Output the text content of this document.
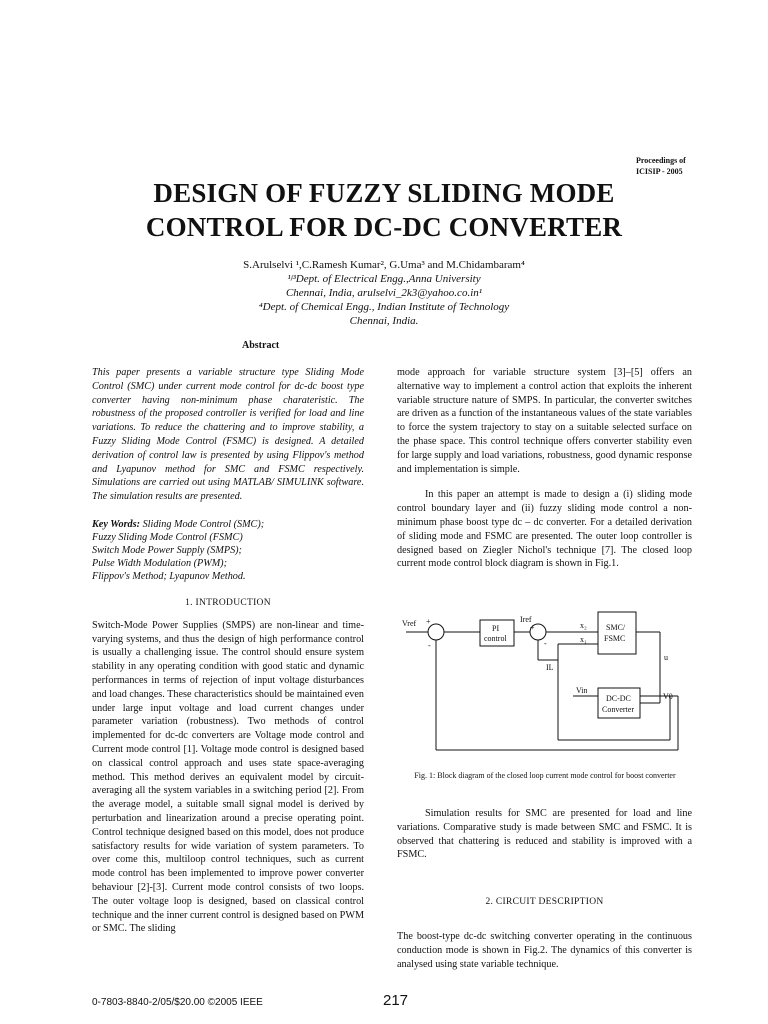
Proceedings of
ICISIP - 2005
DESIGN OF FUZZY SLIDING MODE
CONTROL FOR DC-DC CONVERTER
S.Arulselvi ¹,C.Ramesh Kumar², G.Uma³ and M.Chidambaram⁴
¹ʲ³Dept. of Electrical Engg.,Anna University
Chennai, India, arulselvi_2k3@yahoo.co.in¹
⁴Dept. of Chemical Engg., Indian Institute of Technology
Chennai, India.
Abstract

This paper presents a variable structure type Sliding Mode Control (SMC) under current mode control for dc-dc boost type converter having non-minimum phase charateristic. The robustness of the proposed controller is verified for load and line variations. To reduce the chattering and to improve stability, a Fuzzy Sliding Mode Control (FSMC) is designed. A detailed derivation of control law is presented by using Flippov's method and Lyapunov method for SMC and FSMC respectively. Simulations are carried out using MATLAB/ SIMULINK software. The simulation results are presented.

Key Words: Sliding Mode Control (SMC);
Fuzzy Sliding Mode Control (FSMC)
Switch Mode Power Supply (SMPS);
Pulse Width Modulation (PWM);
Flippov's Method; Lyapunov Method.
1. INTRODUCTION

Switch-Mode Power Supplies (SMPS) are non-linear and time-varying systems, and thus the design of high performance control is usually a challenging issue. The control should ensure system stability in any operating condition with good static and dynamic performances in terms of rejection of input voltage disturbances and load changes. These characteristics should be maintained even under large input voltage and load current changes under parameter variation (robustness). Two methods of control implemented for dc-dc converters are Voltage mode control and Current mode control [1]. Voltage mode control is designed based on classical control approach and uses state space-averaging method. This method derives an equivalent model by circuit-averaging all the system variables in a switching period [2]. From the average model, a suitable small signal model is derived by perturbation and linearization around a precise operating point. Control technique designed based on this model, does not produce satisfactory results for wide variation of system parameters. To over come this, multiloop control techniques, such as current mode control has been implemented to improve power converter behaviour [2]-[3]. Current mode control consists of two loops. The outer voltage loop is designed, based on classical control technique and the inner current control is designed based on PWM or SMC. The sliding

mode approach for variable structure system [3]–[5] offers an alternative way to implement a control action that exploits the inherent variable structure nature of SMPS. In particular, the converter switches are driven as a function of the instantaneous values of the state variables to force the system trajectory to stay on a suitable selected surface on the phase space. This control technique offers converter stability even for large supply and load variations, robustness, good dynamic response and implementation is simple.

In this paper an attempt is made to design a (i) sliding mode control boundary layer and (ii) fuzzy sliding mode control a non-minimum phase boost type dc – dc converter. For a detailed derivation of sliding mode and FSMC are presented. The outer loop controller is designed based on Ziegler Nichol's technique [7]. The closed loop current mode control block diagram is shown in Fig.1.

Vref +
-
PI
control
Iref
+
-
x₂
x₁
SMC/
FSMC
u
IL
Vin
DC-DC
Converter
V0
Fig. 1: Block diagram of the closed loop current mode control for boost converter

Simulation results for SMC are presented for load and line variations. Comparative study is made between SMC and FSMC. It is observed that chattering is reduced and stability is improved with a FSMC.

2. CIRCUIT DESCRIPTION

The boost-type dc-dc switching converter operating in the continuous conduction mode is shown in Fig.2. The dynamics of this converter is analysed using state variable technique.

0-7803-8840-2/05/$20.00 ©2005 IEEE	217
